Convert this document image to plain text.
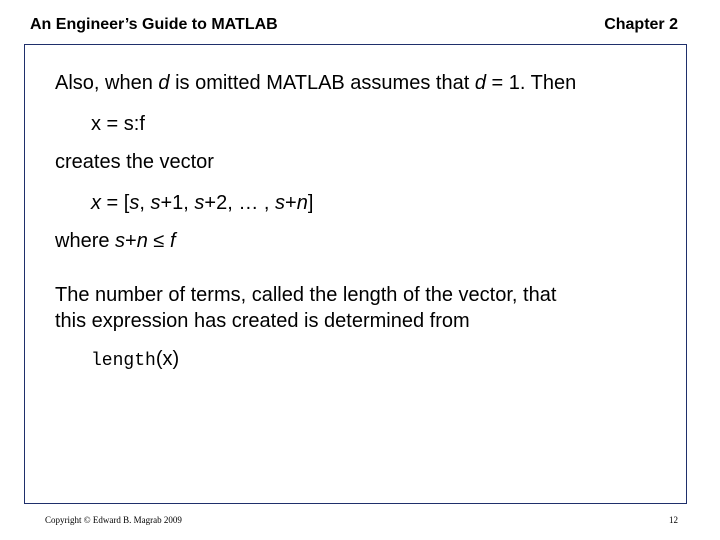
An Engineer’s Guide to MATLAB	Chapter 2
Also, when d is omitted MATLAB assumes that d = 1. Then
x = s:f
creates the vector
x = [s, s+1, s+2, … , s+n]
where s+n ≤ f
The number of terms, called the length of the vector, that
this expression has created is determined from
length(x)
Copyright © Edward B. Magrab 2009	12
